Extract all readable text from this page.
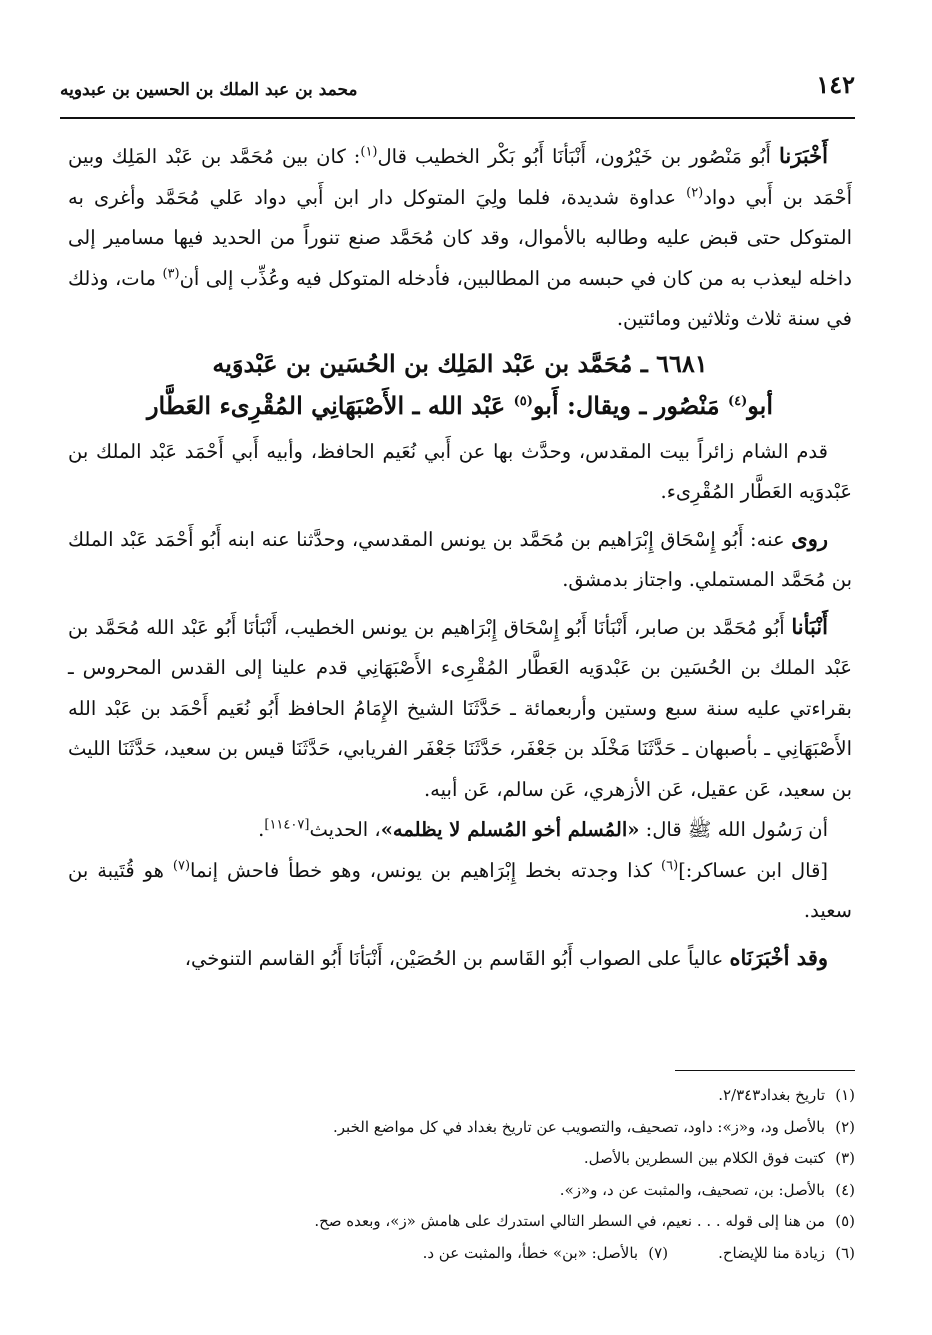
١٤٢
محمد بن عبد الملك بن الحسين بن عبدويه

أَخْبَرَنا أَبُو مَنْصُور بن خَيْرُون، أَنْبَأنَا أَبُو بَكْر الخطيب قال$^{(١)}$: كان بين مُحَمَّد بن عَبْد المَلِك وبين أَحْمَد بن أَبي دواد$^{(٢)}$ عداوة شديدة، فلما ولِيَ المتوكل دار ابن أَبي دواد عَلي مُحَمَّد وأغرى به المتوكل حتى قبض عليه وطالبه بالأموال، وقد كان مُحَمَّد صنع تنوراً من الحديد فيها مسامير إلى داخله ليعذب به من كان في حبسه من المطالبين، فأدخله المتوكل فيه وعُذِّب إلى أن$^{(٣)}$ مات، وذلك في سنة ثلاث وثلاثين ومائتين.

٦٦٨١ ـ مُحَمَّد بن عَبْد المَلِك بن الحُسَين بن عَبْدوَيه
أبو$^{(٤)}$ مَنْصُور ـ ويقال: أَبو$^{(٥)}$ عَبْد الله ـ الأَصْبَهَانِي المُقْرِىء العَطَّار

قدم الشام زائراً بيت المقدس، وحدَّث بها عن أَبي نُعَيم الحافظ، وأبيه أَبي أَحْمَد عَبْد الملك بن عَبْدوَيه العَطَّار المُقْرِىء.

روى عنه: أَبُو إِسْحَاق إِبْرَاهيم بن مُحَمَّد بن يونس المقدسي، وحدَّثنا عنه ابنه أَبُو أَحْمَد عَبْد الملك بن مُحَمَّد المستملي. واجتاز بدمشق.

أَنْبَأنا أَبُو مُحَمَّد بن صابر، أَنْبَأنَا أَبُو إِسْحَاق إِبْرَاهيم بن يونس الخطيب، أَنْبَأنَا أَبُو عَبْد الله مُحَمَّد بن عَبْد الملك بن الحُسَين بن عَبْدوَيه العَطَّار المُقْرِىء الأَصْبَهَانِي قدم علينا إلى القدس المحروس ـ بقراءتي عليه سنة سبع وستين وأربعمائة ـ حَدَّثَنَا الشيخ الإِمَامُ الحافظ أَبُو نُعَيم أَحْمَد بن عَبْد الله الأَصْبَهَانِي ـ بأصبهان ـ حَدَّثَنَا مَخْلَد بن جَعْفَر، حَدَّثَنَا جَعْفَر الفريابي، حَدَّثَنَا قيس بن سعيد، حَدَّثَنَا الليث بن سعيد، عَن عقيل، عَن الأزهري، عَن سالم، عَن أبيه.

أن رَسُول الله ﷺ قال: «المُسلم أخو المُسلم لا يظلمه»، الحديث[١١٤٠٧].

[قال ابن عساكر:]$^{(٦)}$ كذا وجدته بخط إِبْرَاهيم بن يونس، وهو خطأ فاحش إنما$^{(٧)}$ هو قُتَيبة بن سعيد.

وقد أخْبَرَنَاه عالياً على الصواب أَبُو القَاسم بن الحُصَيْن، أَنْبَأنَا أَبُو القاسم التنوخي،

(١)تاريخ بغداد٢/٣٤٣.
(٢)بالأصل ود، و«ز»: داود، تصحيف، والتصويب عن تاريخ بغداد في كل مواضع الخبر.
(٣)كتبت فوق الكلام بين السطرين بالأصل.
(٤)بالأصل: بن، تصحيف، والمثبت عن د، و«ز».
(٥)من هنا إلى قوله . . . نعيم، في السطر التالي استدرك على هامش «ز»، وبعده صح.
(٦)زيادة منا للإيضاح.(٧)بالأصل: «بن» خطأ، والمثبت عن د.
